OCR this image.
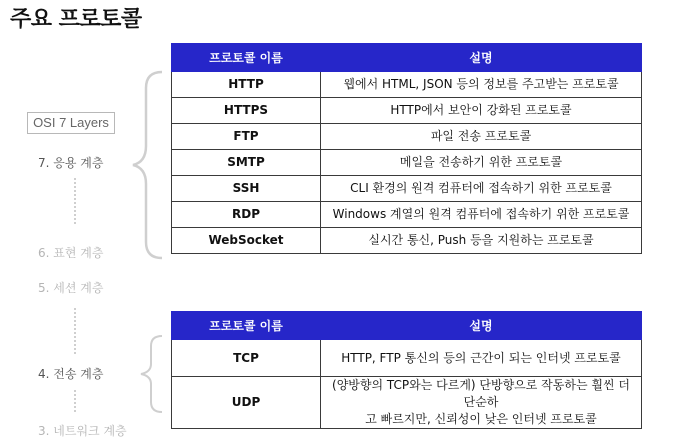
주요 프로토콜
OSI 7 Layers
7. 응용 계층
6. 표현 계층
5. 세션 계층
4. 전송 계층
3. 네트워크 계층
프로토콜 이름	설명
HTTP	웹에서 HTML, JSON 등의 정보를 주고받는 프로토콜
HTTPS	HTTP에서 보안이 강화된 프로토콜
FTP	파일 전송 프로토콜
SMTP	메일을 전송하기 위한 프로토콜
SSH	CLI 환경의 원격 컴퓨터에 접속하기 위한 프로토콜
RDP	Windows 계열의 원격 컴퓨터에 접속하기 위한 프로토콜
WebSocket	실시간 통신, Push 등을 지원하는 프로토콜
프로토콜 이름	설명
TCP	HTTP, FTP 통신의 등의 근간이 되는 인터넷 프로토콜
UDP	(양방향의 TCP와는 다르게) 단방향으로 작동하는 훨씬 더 단순하
고 빠르지만, 신뢰성이 낮은 인터넷 프로토콜
